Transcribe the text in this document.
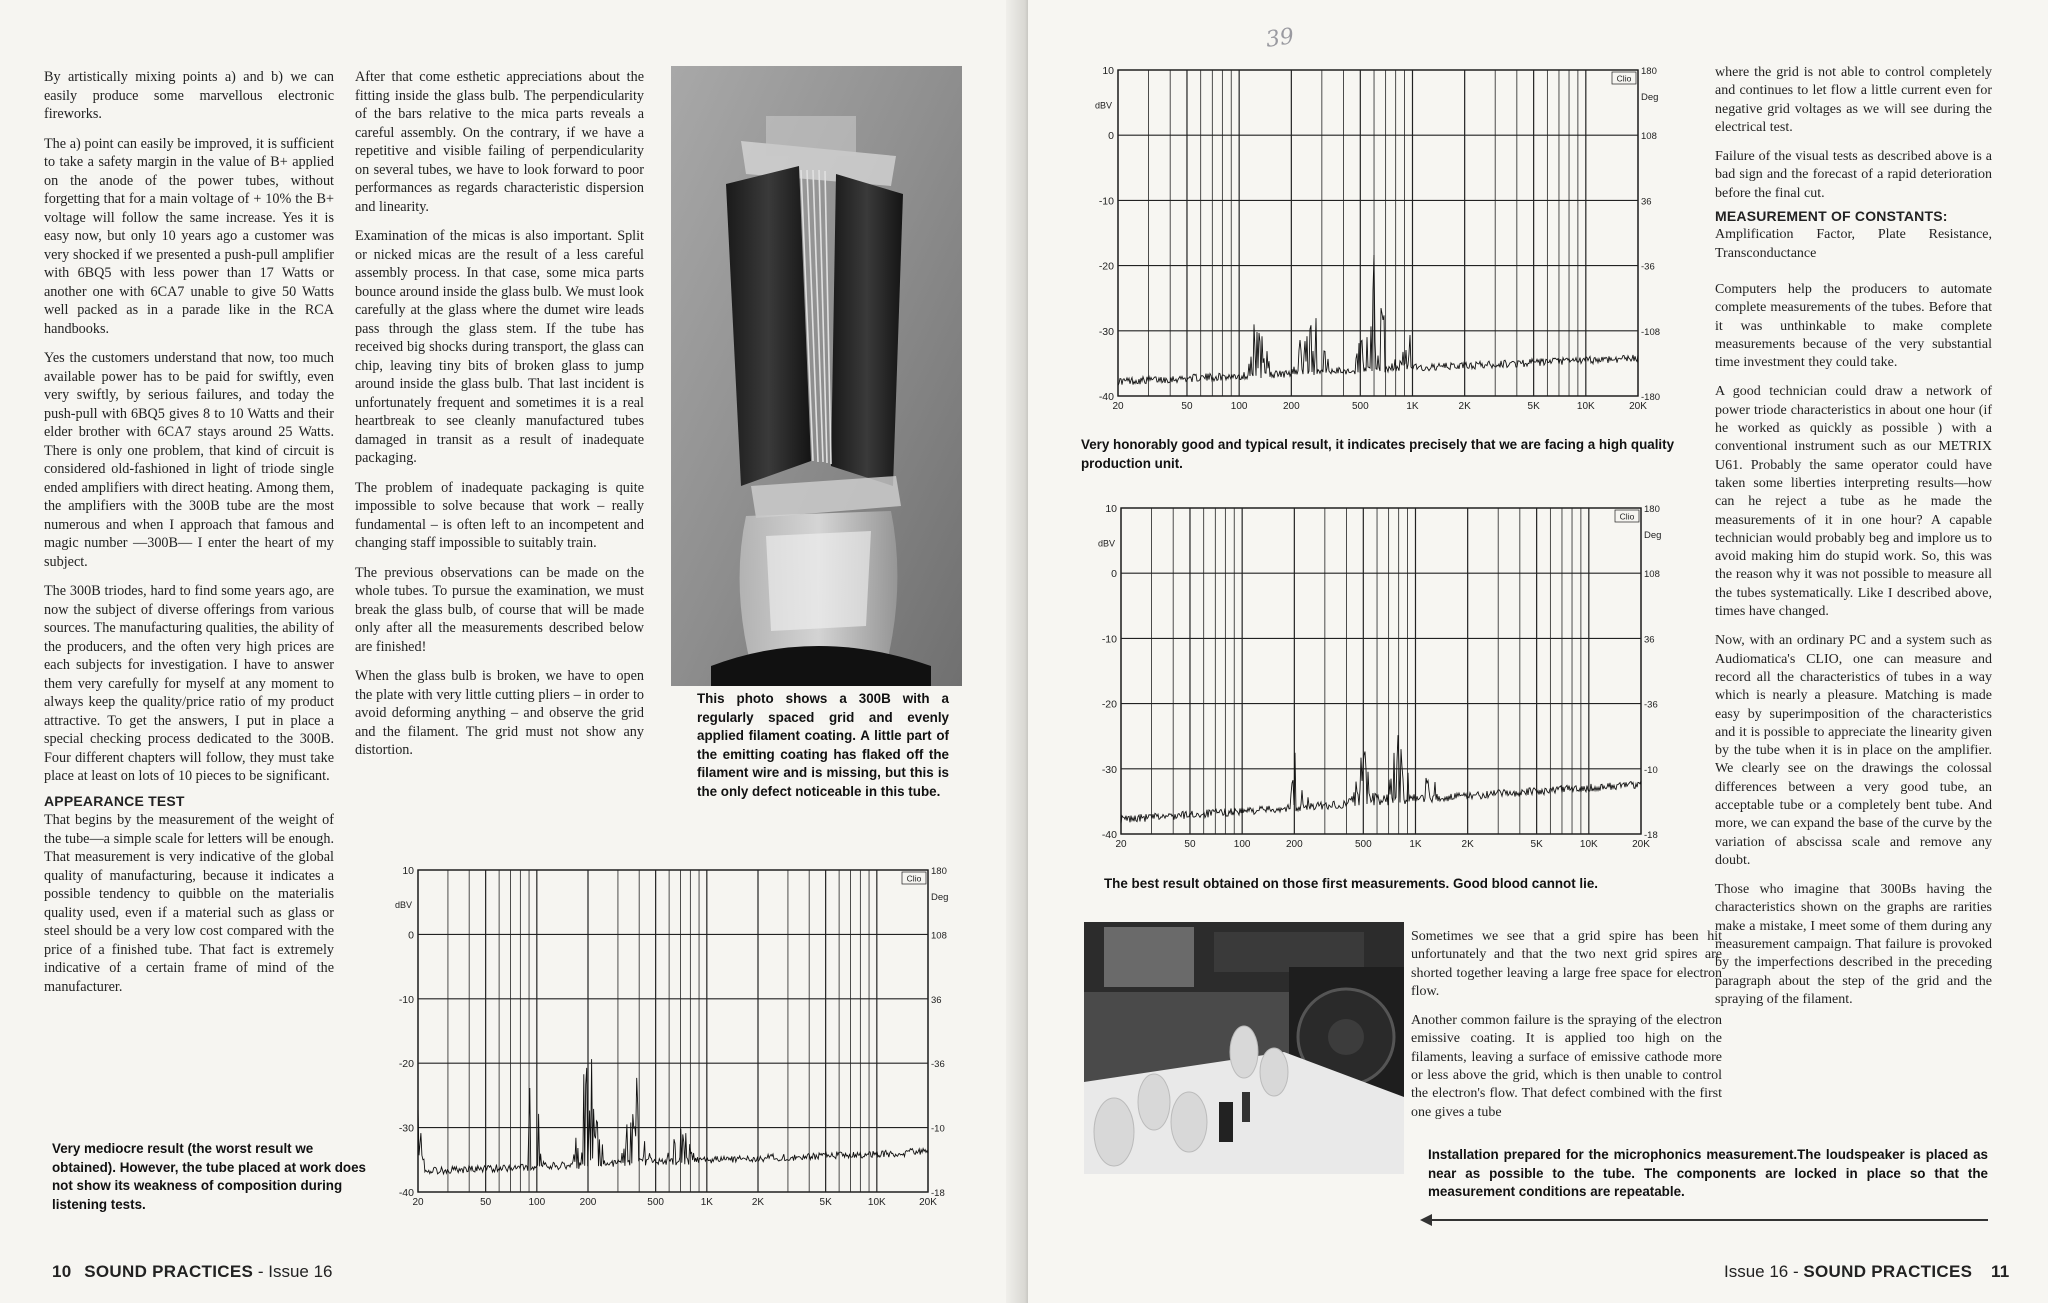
By artistically mixing points a) and b) we can easily produce some marvellous electronic fireworks.

The a) point can easily be improved, it is sufficient to take a safety margin in the value of B+ applied on the anode of the power tubes, without forgetting that for a main voltage of + 10% the B+ voltage will follow the same increase. Yes it is easy now, but only 10 years ago a customer was very shocked if we presented a push-pull amplifier with 6BQ5 with less power than 17 Watts or another one with 6CA7 unable to give 50 Watts well packed as in a parade like in the RCA handbooks.

Yes the customers understand that now, too much available power has to be paid for swiftly, even very swiftly, by serious failures, and today the push-pull with 6BQ5 gives 8 to 10 Watts and their elder brother with 6CA7 stays around 25 Watts. There is only one problem, that kind of circuit is considered old-fashioned in light of triode single ended amplifiers with direct heating. Among them, the amplifiers with the 300B tube are the most numerous and when I approach that famous and magic number —300B— I enter the heart of my subject.

The 300B triodes, hard to find some years ago, are now the subject of diverse offerings from various sources. The manufacturing qualities, the ability of the producers, and the often very high prices are each subjects for investigation. I have to answer them very carefully for myself at any moment to always keep the quality/price ratio of my product attractive. To get the answers, I put in place a special checking process dedicated to the 300B. Four different chapters will follow, they must take place at least on lots of 10 pieces to be significant.

APPEARANCE TEST

That begins by the measurement of the weight of the tube—a simple scale for letters will be enough. That measurement is very indicative of the global quality of manufacturing, because it indicates a possible tendency to quibble on the materialis quality used, even if a material such as glass or steel should be a very low cost compared with the price of a finished tube. That fact is extremely indicative of a certain frame of mind of the manufacturer.

After that come esthetic appreciations about the fitting inside the glass bulb. The perpendicularity of the bars relative to the mica parts reveals a careful assembly. On the contrary, if we have a repetitive and visible failing of perpendicularity on several tubes, we have to look forward to poor performances as regards characteristic dispersion and linearity.

Examination of the micas is also important. Split or nicked micas are the result of a less careful assembly process. In that case, some mica parts bounce around inside the glass bulb. We must look carefully at the glass where the dumet wire leads pass through the glass stem. If the tube has received big shocks during transport, the glass can chip, leaving tiny bits of broken glass to jump around inside the glass bulb. That last incident is unfortunately frequent and sometimes it is a real heartbreak to see cleanly manufactured tubes damaged in transit as a result of inadequate packaging.

The problem of inadequate packaging is quite impossible to solve because that work – really fundamental – is often left to an incompetent and changing staff impossible to suitably train.

The previous observations can be made on the whole tubes. To pursue the examination, we must break the glass bulb, of course that will be made only after all the measurements described below are finished!

When the glass bulb is broken, we have to open the plate with very little cutting pliers – in order to avoid deforming anything – and observe the grid and the filament. The grid must not show any distortion.

This photo shows a 300B with a regularly spaced grid and evenly applied filament coating. A little part of the emitting coating has flaked off the filament wire and is missing, but this is the only defect noticeable in this tube.
10
0
-10
-20
-30
-40
dBV
180
Deg
108
36
-36
-10
-18
20	50	100	200	500	1K	2K	5K	10K	20K
Clio
Very mediocre result (the worst result we obtained). However, the tube placed at work does not show its weakness of composition during listening tests.
10 SOUND PRACTICES - Issue 16
39
10
0
-10
-20
-30
-40
dBV
180
Deg
108
36
-36
-108
-180
20	50	100	200	500	1K	2K	5K	10K	20K
Clio
Very honorably good and typical result, it indicates precisely that we are facing a high quality production unit.
10
0
-10
-20
-30
-40
dBV
180
Deg
108
36
-36
-10
-18
20	50	100	200	500	1K	2K	5K	10K	20K
Clio
The best result obtained on those first measurements. Good blood cannot lie.

Sometimes we see that a grid spire has been hit unfortunately and that the two next grid spires are shorted together leaving a large free space for electron flow.

Another common failure is the spraying of the electron emissive coating. It is applied too high on the filaments, leaving a surface of emissive cathode more or less above the grid, which is then unable to control the electron's flow. That defect combined with the first one gives a tube

Installation prepared for the microphonics measurement.The loudspeaker is placed as near as possible to the tube. The components are locked in place so that the measurement conditions are repeatable.

where the grid is not able to control completely and continues to let flow a little current even for negative grid voltages as we will see during the electrical test.

Failure of the visual tests as described above is a bad sign and the forecast of a rapid deterioration before the final cut.

MEASUREMENT OF CONSTANTS:
Amplification Factor, Plate Resistance, Transconductance

Computers help the producers to automate complete measurements of the tubes. Before that it was unthinkable to make complete measurements because of the very substantial time investment they could take.

A good technician could draw a network of power triode characteristics in about one hour (if he worked as quickly as possible ) with a conventional instrument such as our METRIX U61. Probably the same operator could have taken some liberties interpreting results—how can he reject a tube as he made the measurements of it in one hour? A capable technician would probably beg and implore us to avoid making him do stupid work. So, this was the reason why it was not possible to measure all the tubes systematically. Like I described above, times have changed.

Now, with an ordinary PC and a system such as Audiomatica's CLIO, one can measure and record all the characteristics of tubes in a way which is nearly a pleasure. Matching is made easy by superimposition of the characteristics and it is possible to appreciate the linearity given by the tube when it is in place on the amplifier. We clearly see on the drawings the colossal differences between a very good tube, an acceptable tube or a completely bent tube. And more, we can expand the base of the curve by the variation of abscissa scale and remove any doubt.

Those who imagine that 300Bs having the characteristics shown on the graphs are rarities make a mistake, I meet some of them during any measurement campaign. That failure is provoked by the imperfections described in the preceding paragraph about the step of the grid and the spraying of the filament.

Issue 16 - SOUND PRACTICES 11
